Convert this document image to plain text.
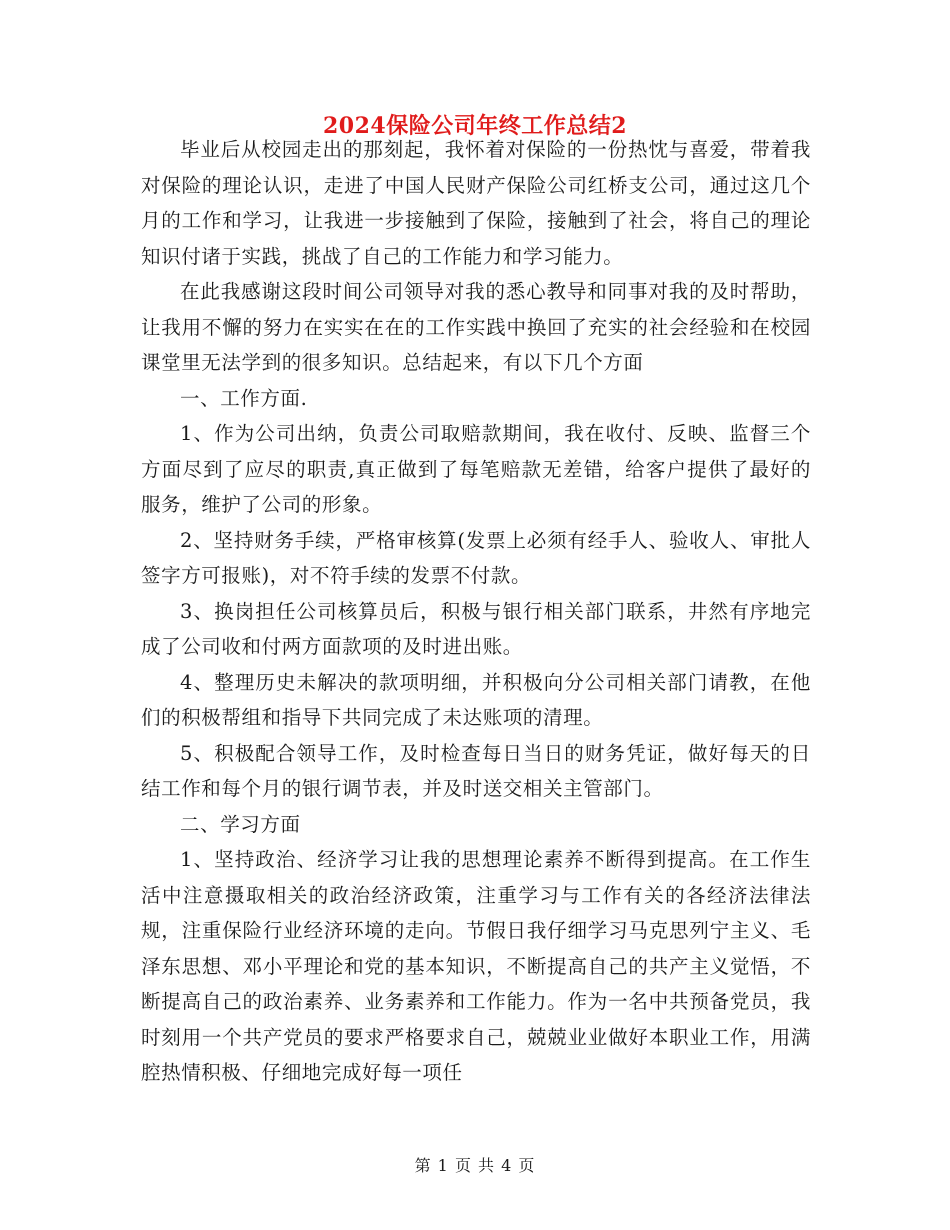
2024保险公司年终工作总结2

毕业后从校园走出的那刻起，我怀着对保险的一份热忱与喜爱，带着我对保险的理论认识，走进了中国人民财产保险公司红桥支公司，通过这几个月的工作和学习，让我进一步接触到了保险，接触到了社会，将自己的理论知识付诸于实践，挑战了自己的工作能力和学习能力。

在此我感谢这段时间公司领导对我的悉心教导和同事对我的及时帮助，让我用不懈的努力在实实在在的工作实践中换回了充实的社会经验和在校园课堂里无法学到的很多知识。总结起来，有以下几个方面

一、工作方面.

1、作为公司出纳，负责公司取赔款期间，我在收付、反映、监督三个方面尽到了应尽的职责,真正做到了每笔赔款无差错，给客户提供了最好的服务，维护了公司的形象。

2、坚持财务手续，严格审核算(发票上必须有经手人、验收人、审批人签字方可报账)，对不符手续的发票不付款。

3、换岗担任公司核算员后，积极与银行相关部门联系，井然有序地完成了公司收和付两方面款项的及时进出账。

4、整理历史未解决的款项明细，并积极向分公司相关部门请教，在他们的积极帮组和指导下共同完成了未达账项的清理。

5、积极配合领导工作，及时检查每日当日的财务凭证，做好每天的日结工作和每个月的银行调节表，并及时送交相关主管部门。

二、学习方面

1、坚持政治、经济学习让我的思想理论素养不断得到提高。在工作生活中注意摄取相关的政治经济政策，注重学习与工作有关的各经济法律法规，注重保险行业经济环境的走向。节假日我仔细学习马克思列宁主义、毛泽东思想、邓小平理论和党的基本知识，不断提高自己的共产主义觉悟，不断提高自己的政治素养、业务素养和工作能力。作为一名中共预备党员，我时刻用一个共产党员的要求严格要求自己，兢兢业业做好本职业工作，用满腔热情积极、仔细地完成好每一项任

第 1 页 共 4 页
